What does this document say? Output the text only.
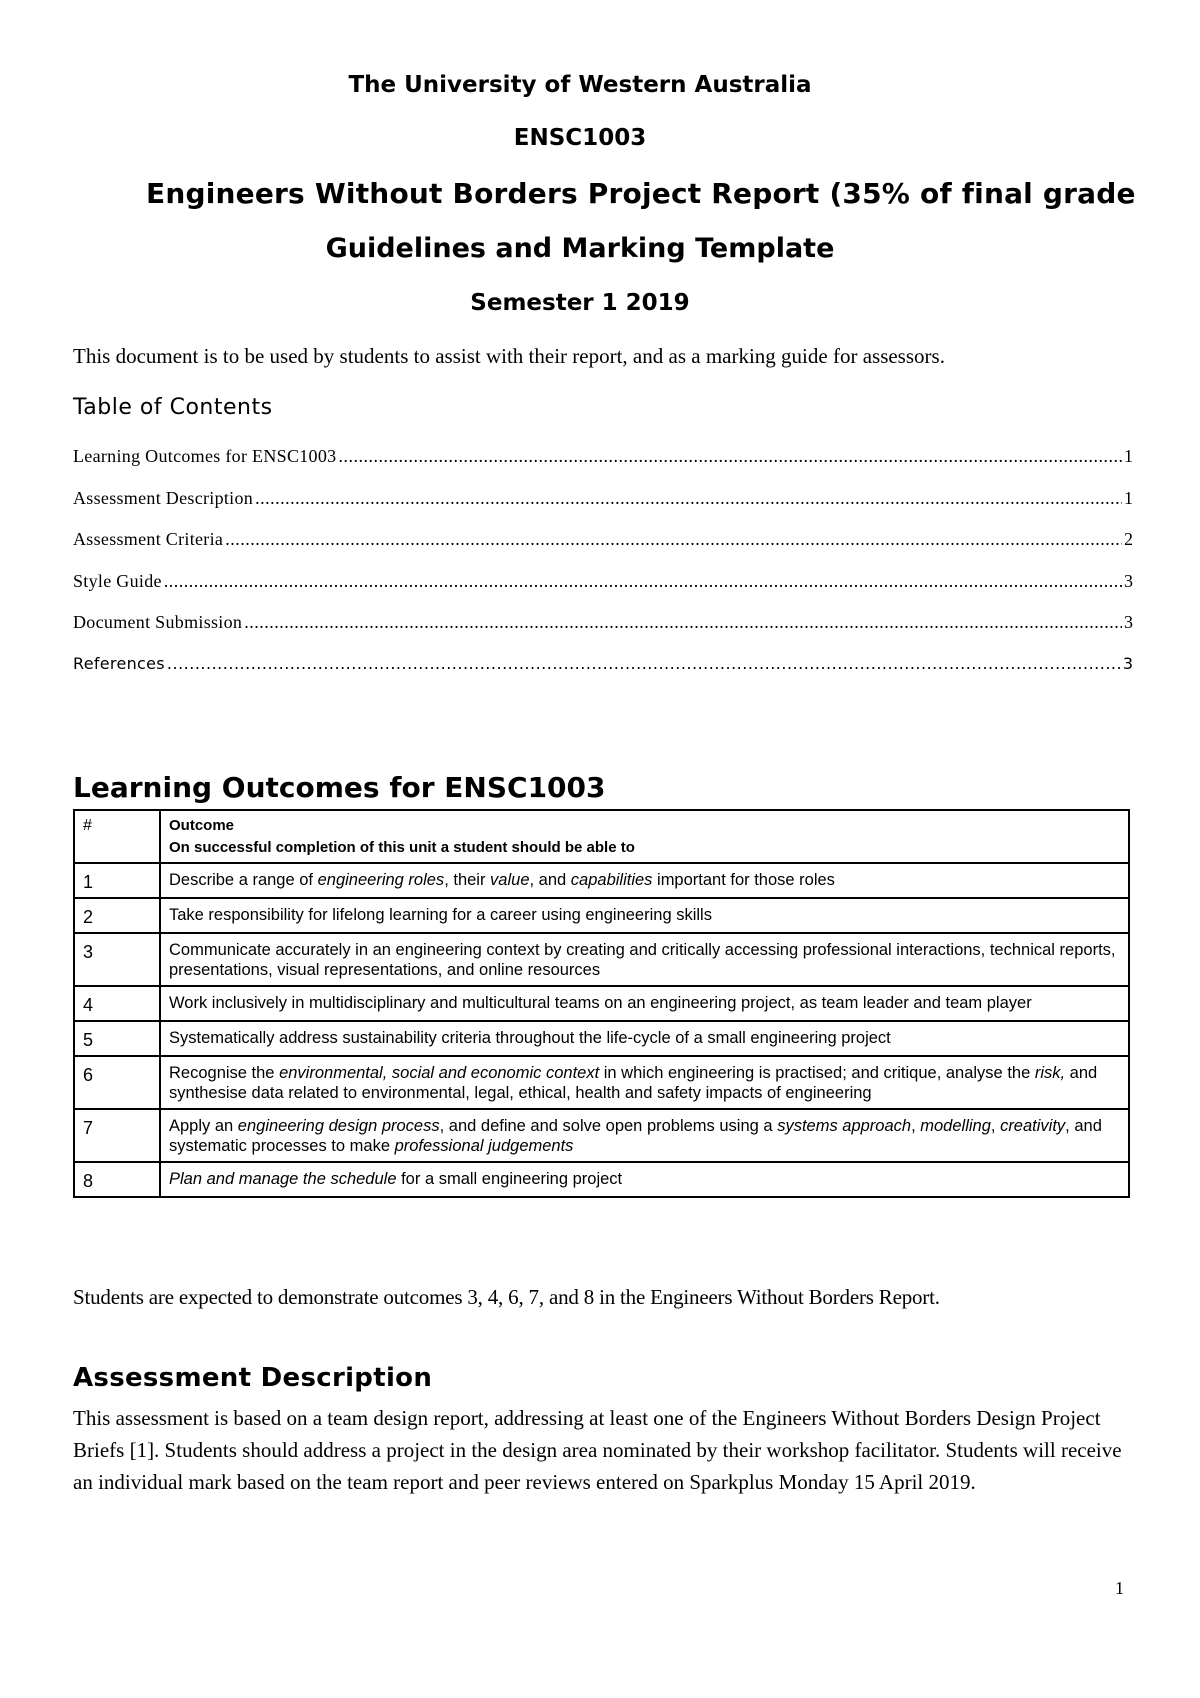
The University of Western Australia
ENSC1003
Engineers Without Borders Project Report (35% of final grade
Guidelines and Marking Template
Semester 1 2019
This document is to be used by students to assist with their report, and as a marking guide for assessors.
Table of Contents
Learning Outcomes for ENSC1003 .....	1
Assessment Description .....	1
Assessment Criteria .....	2
Style Guide .....	3
Document Submission .....	3
References .....	3
Learning Outcomes for ENSC1003
#	Outcome
On successful completion of this unit a student should be able to

1	Describe a range of engineering roles, their value, and capabilities important for those roles
2	Take responsibility for lifelong learning for a career using engineering skills
3	Communicate accurately in an engineering context by creating and critically accessing professional interactions, technical reports, presentations, visual representations, and online resources
4	Work inclusively in multidisciplinary and multicultural teams on an engineering project, as team leader and team player
5	Systematically address sustainability criteria throughout the life-cycle of a small engineering project
6	Recognise the environmental, social and economic context in which engineering is practised; and critique, analyse the risk, and synthesise data related to environmental, legal, ethical, health and safety impacts of engineering
7	Apply an engineering design process, and define and solve open problems using a systems approach, modelling, creativity, and systematic processes to make professional judgements
8	Plan and manage the schedule for a small engineering project
Students are expected to demonstrate outcomes 3, 4, 6, 7, and 8 in the Engineers Without Borders Report.
Assessment Description

This assessment is based on a team design report, addressing at least one of the Engineers Without Borders Design Project Briefs [1]. Students should address a project in the design area nominated by their workshop facilitator. Students will receive an individual mark based on the team report and peer reviews entered on Sparkplus Monday 15 April 2019.

1
